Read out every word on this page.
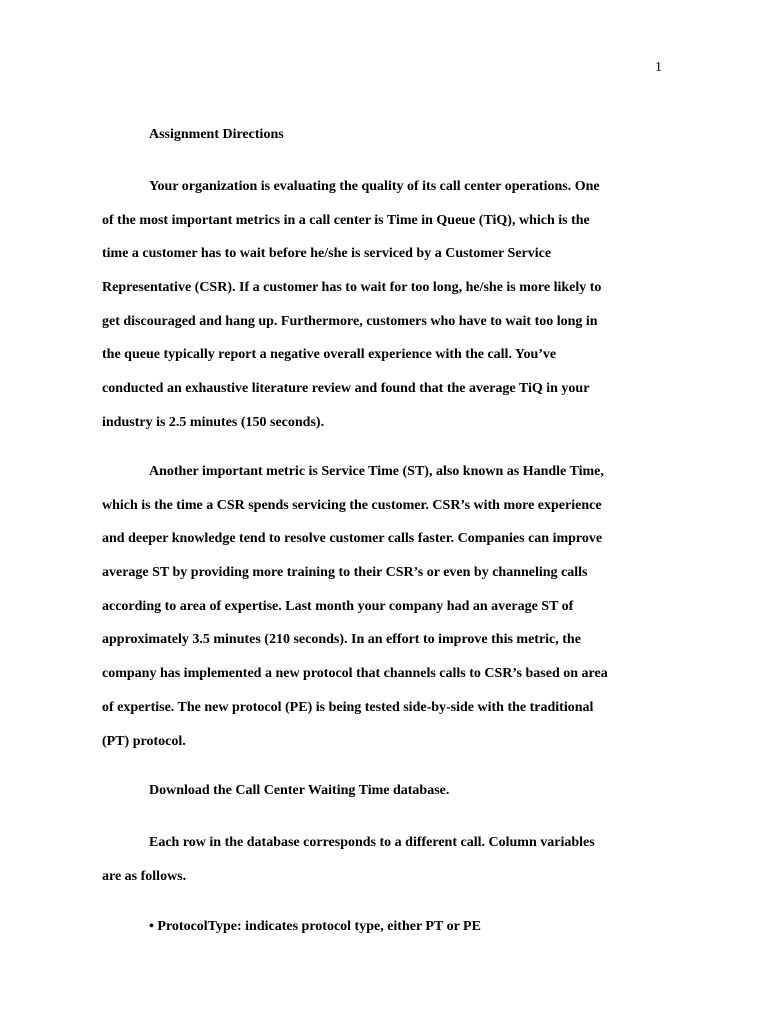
1
Assignment Directions
Your organization is evaluating the quality of its call center operations. One
of the most important metrics in a call center is Time in Queue (TiQ), which is the
time a customer has to wait before he/she is serviced by a Customer Service
Representative (CSR). If a customer has to wait for too long, he/she is more likely to
get discouraged and hang up. Furthermore, customers who have to wait too long in
the queue typically report a negative overall experience with the call. You’ve
conducted an exhaustive literature review and found that the average TiQ in your
industry is 2.5 minutes (150 seconds).
Another important metric is Service Time (ST), also known as Handle Time,
which is the time a CSR spends servicing the customer. CSR’s with more experience
and deeper knowledge tend to resolve customer calls faster. Companies can improve
average ST by providing more training to their CSR’s or even by channeling calls
according to area of expertise. Last month your company had an average ST of
approximately 3.5 minutes (210 seconds). In an effort to improve this metric, the
company has implemented a new protocol that channels calls to CSR’s based on area
of expertise. The new protocol (PE) is being tested side-by-side with the traditional
(PT) protocol.
Download the Call Center Waiting Time database.
Each row in the database corresponds to a different call. Column variables
are as follows.
• ProtocolType: indicates protocol type, either PT or PE
